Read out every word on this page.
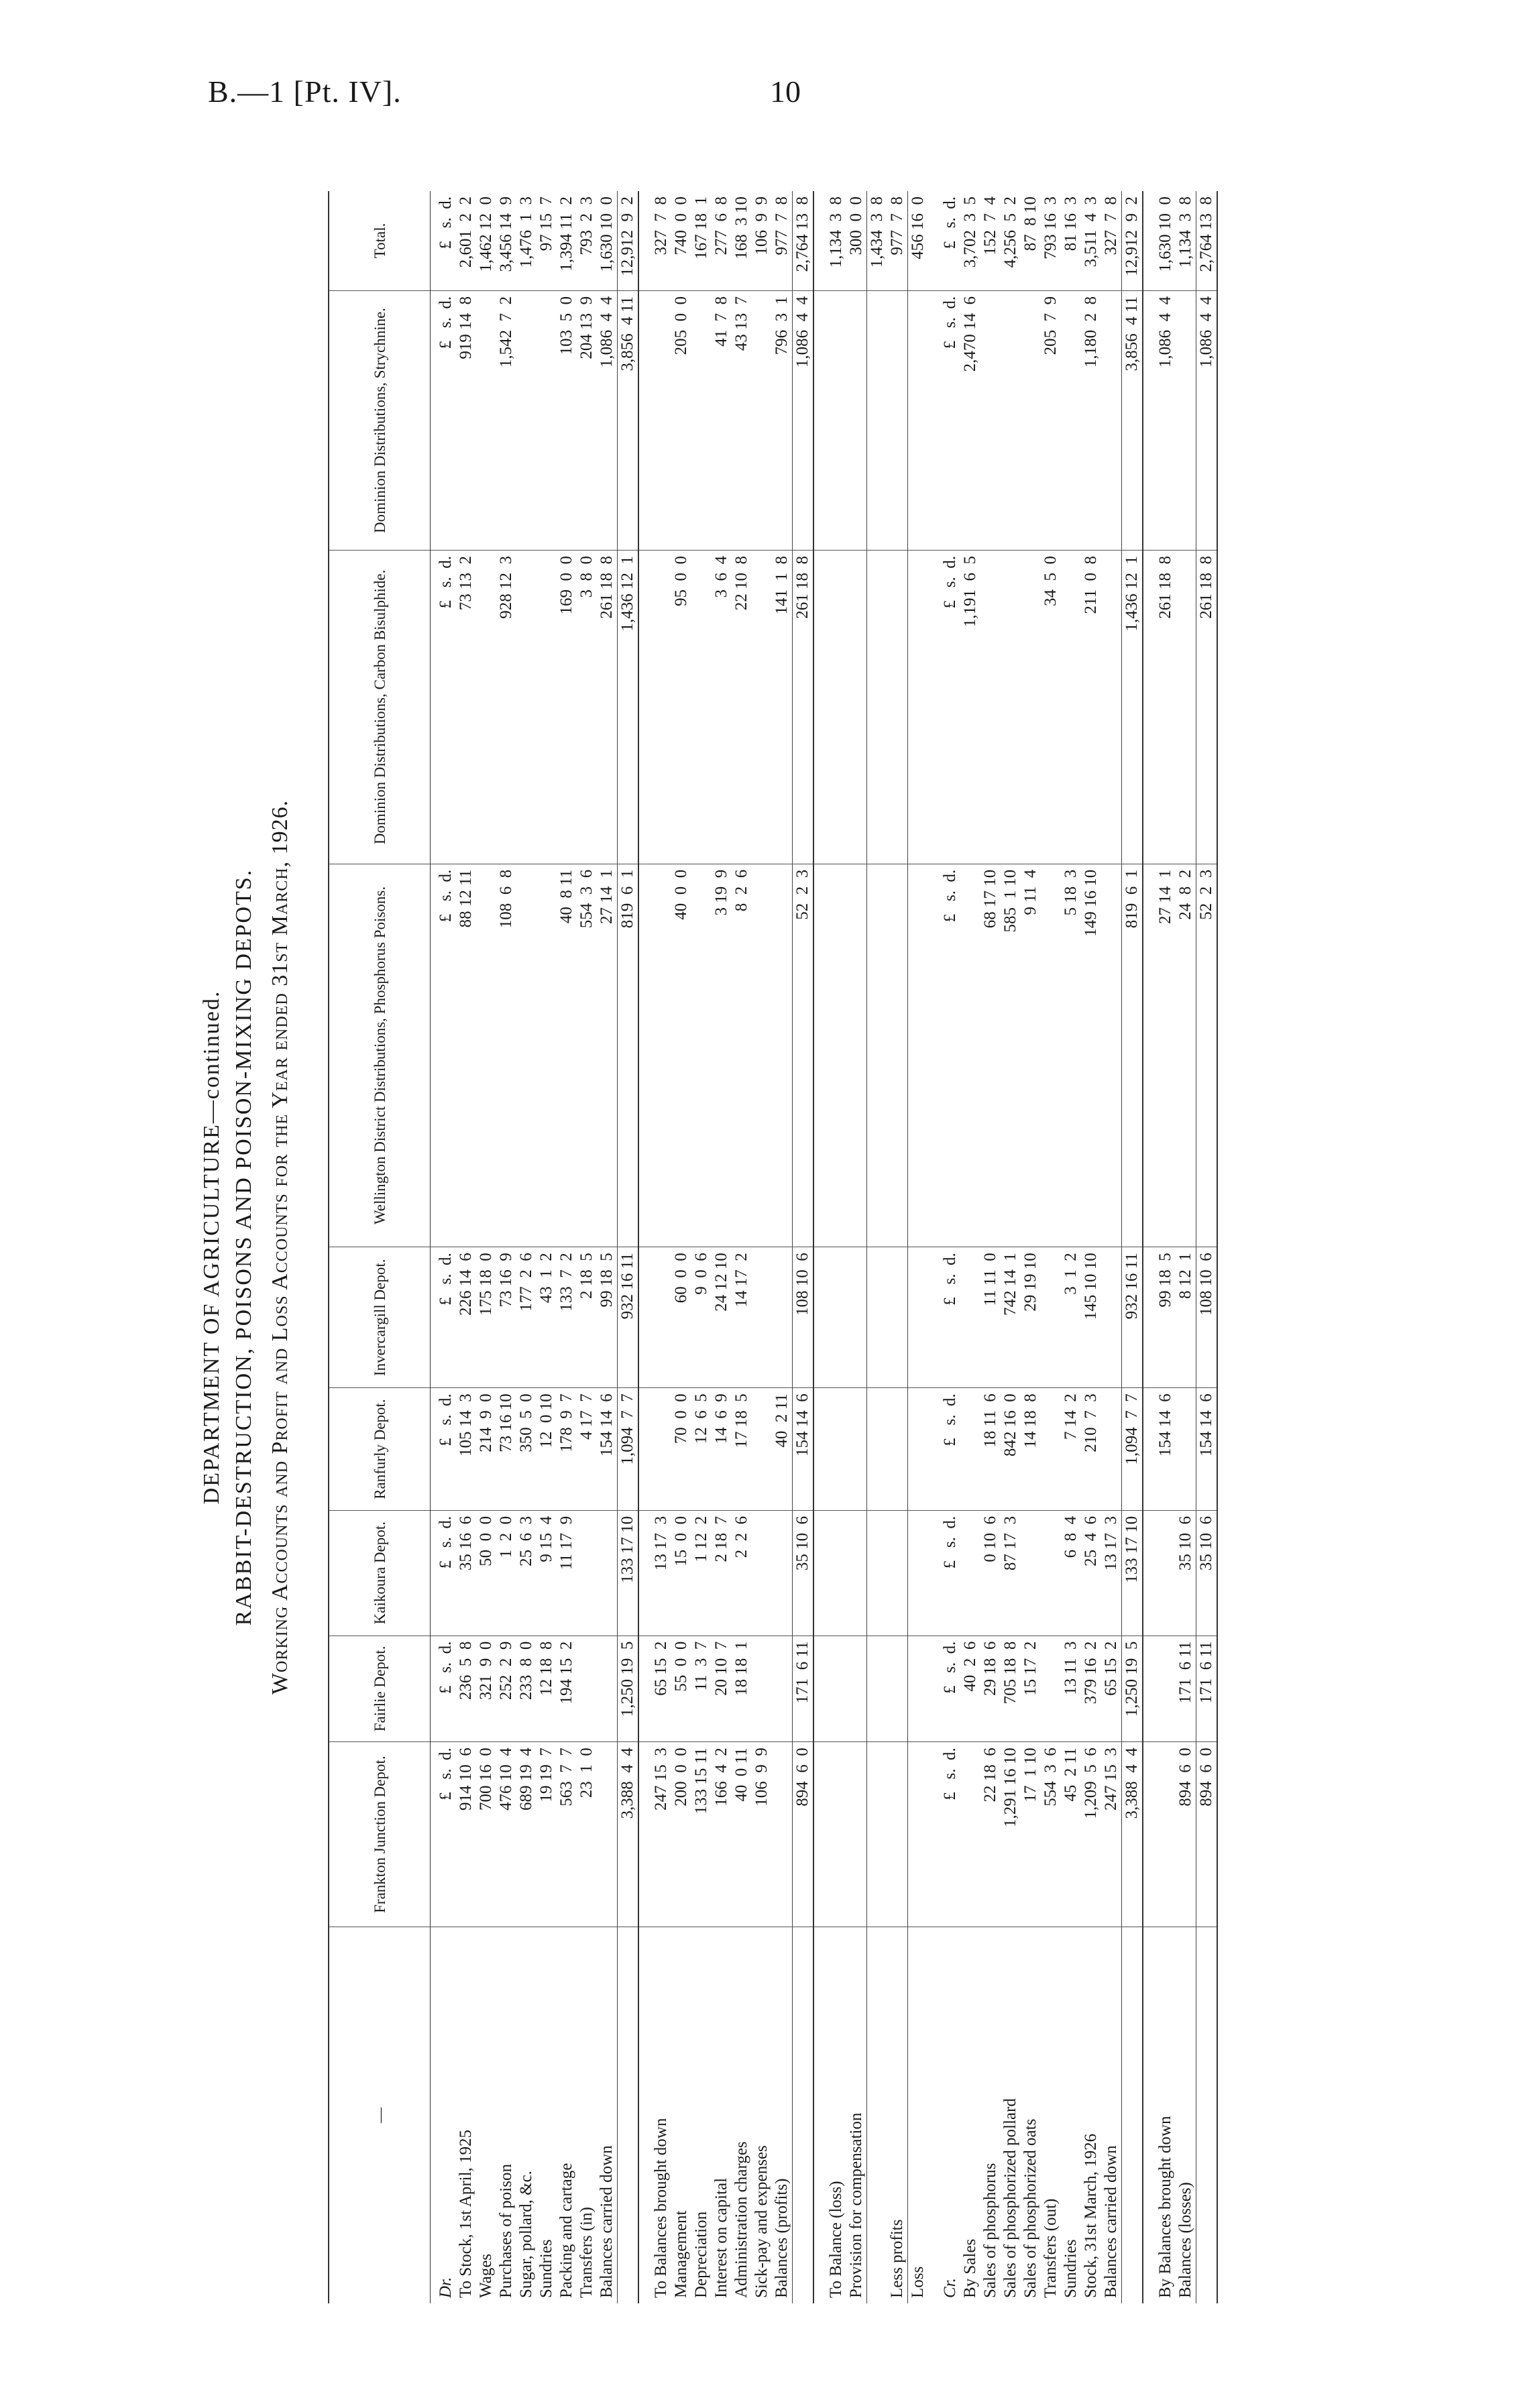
B.—1 [Pt. IV].	10
DEPARTMENT OF AGRICULTURE—continued. RABBIT-DESTRUCTION, POISONS AND POISON-MIXING DEPOTS. Working Accounts and Profit and Loss Accounts for the Year ended 31st March, 1926.
—	Frankton Junction Depot.	Fairlie Depot.	Kaikoura Depot.	Ranfurly Depot.	Invercargill Depot.	Wellington District Distributions, Phosphorus Poisons.	Dominion Distributions, Carbon Bisulphide.	Dominion Distributions, Strychnine.	Total.
Dr.	£   s.  d.	£   s.  d.	£   s.  d.	£   s.  d.	£   s.  d.	£   s.  d.	£   s.  d.	£   s.  d.	£   s.  d.
To Stock, 1st April, 1925	914 10  6	236  5  8	35 16  6	105 14  3	226 14  6	88 12 11	73 13  2	919 14  8	2,601  2  2
Wages	700 16  0	321  9  0	50  0  0	214  9  0	175 18  0				1,462 12  0
Purchases of poison	476 10  4	252  2  9	1  2  0	73 16 10	73 16  9	108  6  8	928 12  3	1,542  7  2	3,456 14  9
Sugar, pollard, &c.	689 19  4	233  8  0	25  6  3	350  5  0	177  2  6				1,476  1  3
Sundries	19 19  7	12 18  8	9 15  4	12  0 10	43  1  2				97 15  7
Packing and cartage	563  7  7	194 15  2	11 17  9	178  9  7	133  7  2	40  8 11	169  0  0	103  5  0	1,394 11  2
Transfers (in)	23  1  0			4 17  7	2 18  5	554  3  6	3  8  0	204 13  9	793  2  3
Balances carried down				154 14  6	99 18  5	27 14  1	261 18  8	1,086  4  4	1,630 10  0
	3,388  4  4	1,250 19  5	133 17 10	1,094  7  7	932 16 11	819  6  1	1,436 12  1	3,856  4 11	12,912  9  2
To Balances brought down	247 15  3	65 15  2	13 17  3						327  7  8
Management	200  0  0	55  0  0	15  0  0	70  0  0	60  0  0	40  0  0	95  0  0	205  0  0	740  0  0
Depreciation	133 15 11	11  3  7	1 12  2	12  6  5	9  0  6				167 18  1
Interest on capital	166  4  2	20 10  7	2 18  7	14  6  9	24 12 10	3 19  9	3  6  4	41  7  8	277  6  8
Administration charges	40  0 11	18 18  1	2  2  6	17 18  5	14 17  2	8  2  6	22 10  8	43 13  7	168  3 10
Sick-pay and expenses	106  9  9								106  9  9
Balances (profits)				40  2 11			141  1  8	796  3  1	977  7  8
	894  6  0	171  6 11	35 10  6	154 14  6	108 10  6	52  2  3	261 18  8	1,086  4  4	2,764 13  8
To Balance (loss)									1,134  3  8
Provision for compensation									300  0  0
									1,434  3  8
Less profits									977  7  8
Loss									456 16  0
Cr.	£   s.  d.	£   s.  d.	£   s.  d.	£   s.  d.	£   s.  d.	£   s.  d.	£   s.  d.	£   s.  d.	£   s.  d.
By Sales		40  2  6					1,191  6  5	2,470 14  6	3,702  3  5
Sales of phosphorus	22 18  6	29 18  6	0 10  6	18 11  6	11 11  0	68 17 10			152  7  4
Sales of phosphorized pollard	1,291 16 10	705 18  8	87 17  3	842 16  0	742 14  1	585  1 10			4,256  5  2
Sales of phosphorized oats	17  1 10	15 17  2		14 18  8	29 19 10	9 11  4			87  8 10
Transfers (out)	554  3  6						34  5  0	205  7  9	793 16  3
Sundries	45  2 11	13 11  3	6  8  4	7 14  2	3  1  2	5 18  3			81 16  3
Stock, 31st March, 1926	1,209  5  6	379 16  2	25  4  6	210  7  3	145 10 10	149 16 10	211  0  8	1,180  2  8	3,511  4  3
Balances carried down	247 15  3	65 15  2	13 17  3						327  7  8
	3,388  4  4	1,250 19  5	133 17 10	1,094  7  7	932 16 11	819  6  1	1,436 12  1	3,856  4 11	12,912  9  2
By Balances brought down				154 14  6	99 18  5	27 14  1	261 18  8	1,086  4  4	1,630 10  0
Balances (losses)	894  6  0	171  6 11	35 10  6		8 12  1	24  8  2			1,134  3  8
	894  6  0	171  6 11	35 10  6	154 14  6	108 10  6	52  2  3	261 18  8	1,086  4  4	2,764 13  8
